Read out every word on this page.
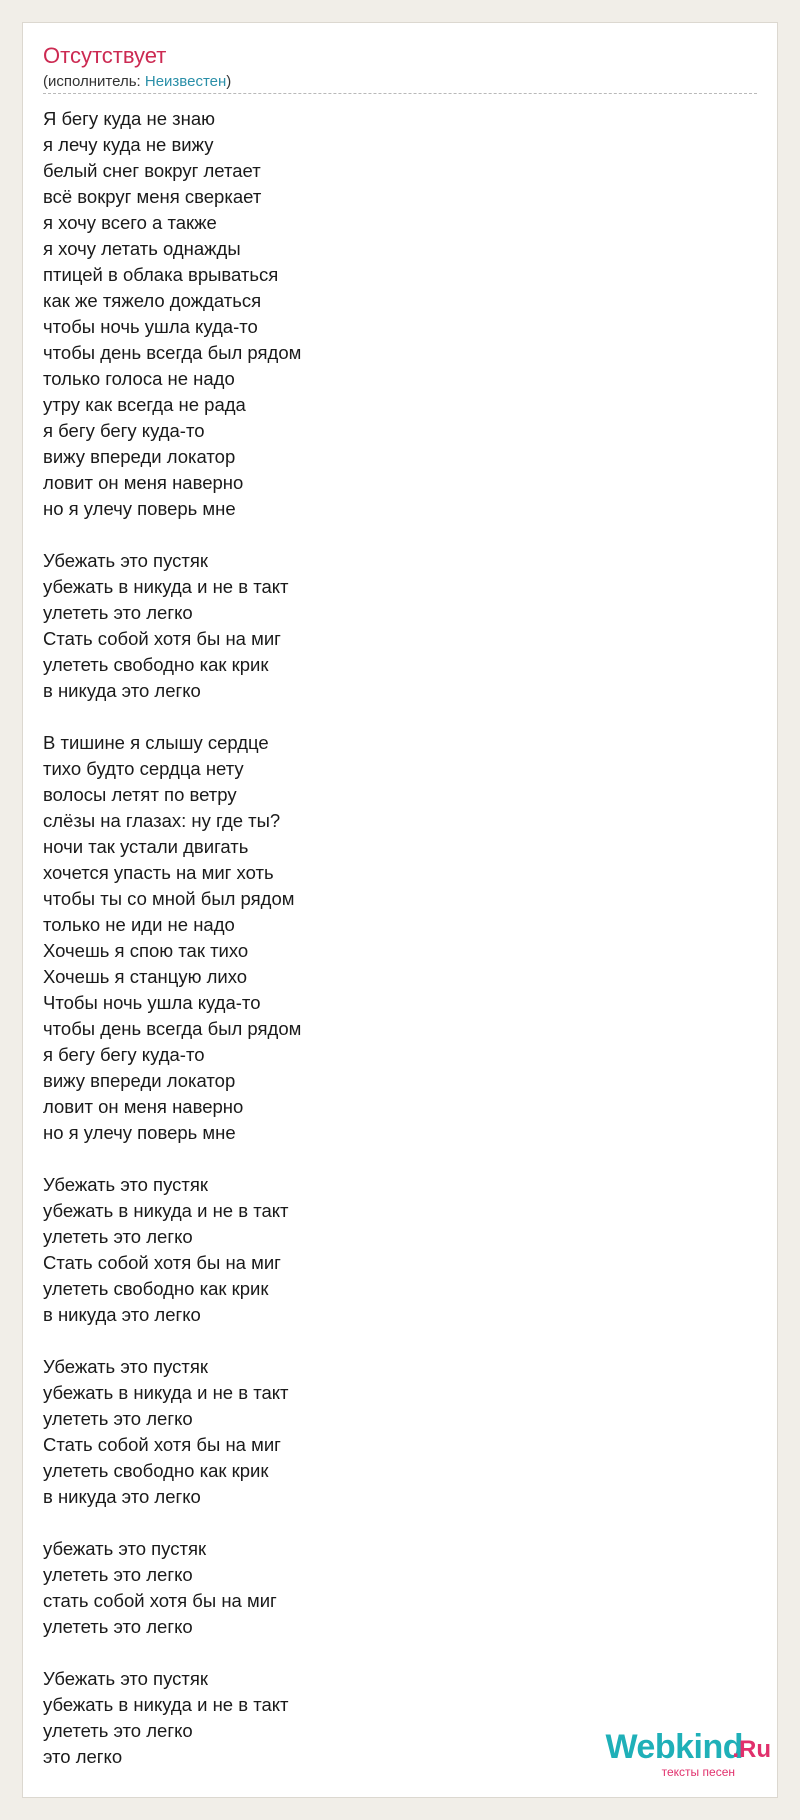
Отсутствует
(исполнитель: Неизвестен)
Я бегу куда не знаю
я лечу куда не вижу
белый снег вокруг летает
всё вокруг меня сверкает
я хочу всего а также
я хочу летать однажды
птицей в облака врываться
как же тяжело дождаться
чтобы ночь ушла куда-то
чтобы день всегда был рядом
только голоса не надо
утру как всегда не рада
я бегу бегу куда-то
вижу впереди локатор
ловит он меня наверно
но я улечу поверь мне
Убежать это пустяк
убежать в никуда и не в такт
улететь это легко
Стать собой хотя бы на миг
улететь свободно как крик
в никуда это легко
В тишине я слышу сердце
тихо будто сердца нету
волосы летят по ветру
слёзы на глазах: ну где ты?
ночи так устали двигать
хочется упасть на миг хоть
чтобы ты со мной был рядом
только не иди не надо
Хочешь я спою так тихо
Хочешь я станцую лихо
Чтобы ночь ушла куда-то
чтобы день всегда был рядом
я бегу бегу куда-то
вижу впереди локатор
ловит он меня наверно
но я улечу поверь мне
Убежать это пустяк
убежать в никуда и не в такт
улететь это легко
Стать собой хотя бы на миг
улететь свободно как крик
в никуда это легко
Убежать это пустяк
убежать в никуда и не в такт
улететь это легко
Стать собой хотя бы на миг
улететь свободно как крик
в никуда это легко
убежать это пустяк
улететь это легко
стать собой хотя бы на миг
улететь это легко
Убежать это пустяк
убежать в никуда и не в такт
улететь это легко
это легко	Webkind
.Ru
тексты песен
